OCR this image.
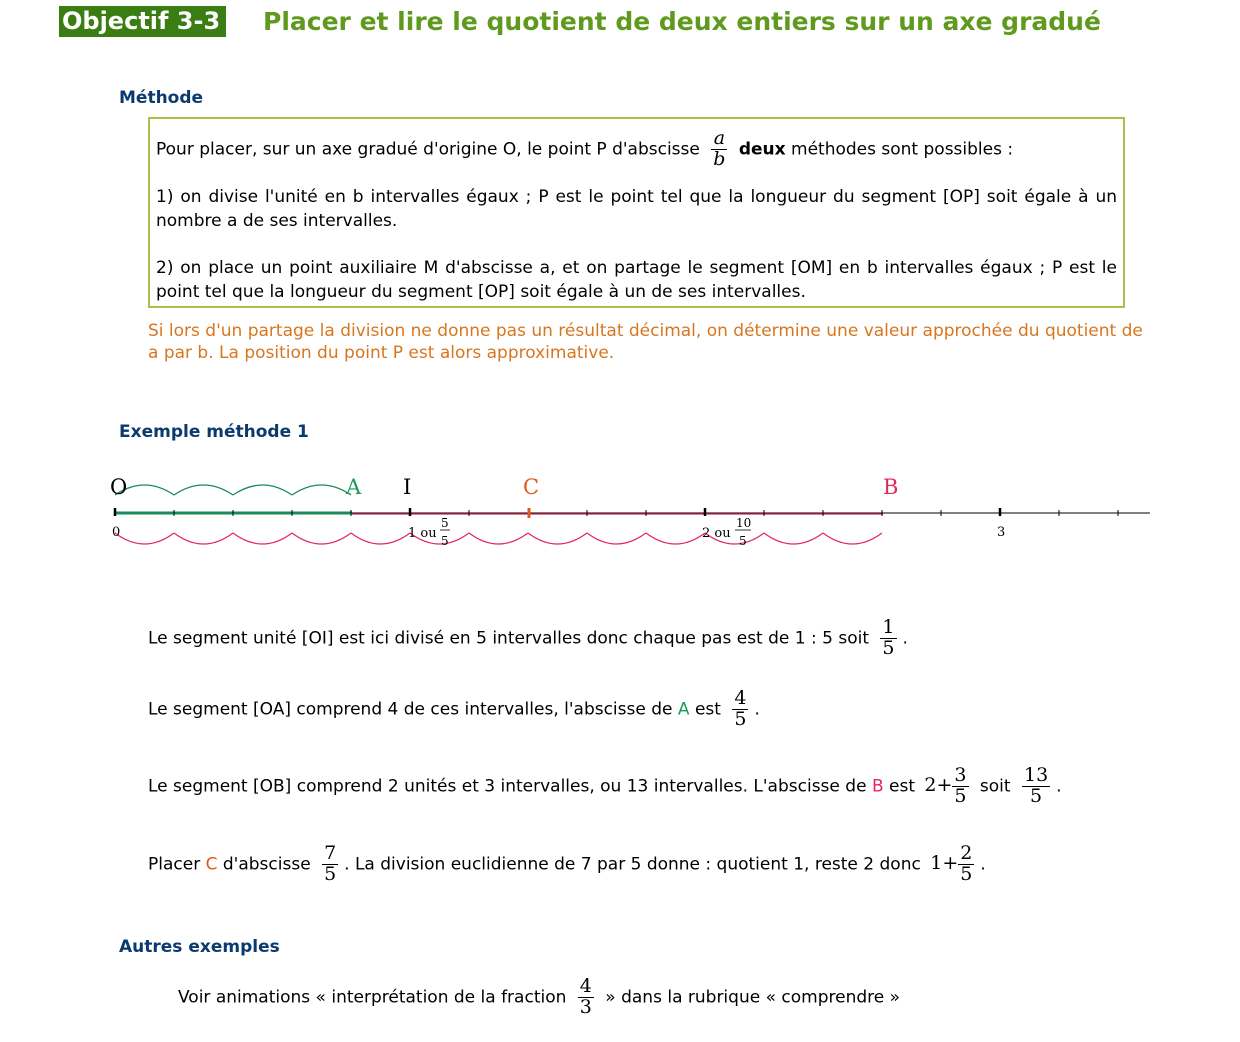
Objectif 3-3 Placer et lire le quotient de deux entiers sur un axe gradué
Méthode
Pour placer, sur un axe gradué d'origine O, le point P d'abscisse $\frac{a}{b}$ deux méthodes sont possibles :
1) on divise l'unité en b intervalles égaux ; P est le point tel que la longueur du segment [OP] soit égale à un nombre a de ses intervalles.
2) on place un point auxiliaire M d'abscisse a, et on partage le segment [OM] en b intervalles égaux ; P est le point tel que la longueur du segment [OP] soit égale à un de ses intervalles.
Si lors d'un partage la division ne donne pas un résultat décimal, on détermine une valeur approchée du quotient de a par b. La position du point P est alors approximative.
Exemple méthode 1
O	A I	C	B
0	1 ou
5
5	2 ou
10
5
3
Le segment unité [OI] est ici divisé en 5 intervalles donc chaque pas est de 1 : 5 soit $\frac{1}{5}$ .
Le segment [OA] comprend 4 de ces intervalles, l'abscisse de A est $\frac{4}{5}$ .
Le segment [OB] comprend 2 unités et 3 intervalles, ou 13 intervalles. L'abscisse de B est $2+ \frac{3}{5}$ soit $\frac{13}{5}$ .
Placer C d'abscisse $\frac{7}{5}$ . La division euclidienne de 7 par 5 donne : quotient 1, reste 2 donc $1+ \frac{2}{5}$ .
Autres exemples
Voir animations « interprétation de la fraction $\frac{4}{3}$ » dans la rubrique « comprendre »
